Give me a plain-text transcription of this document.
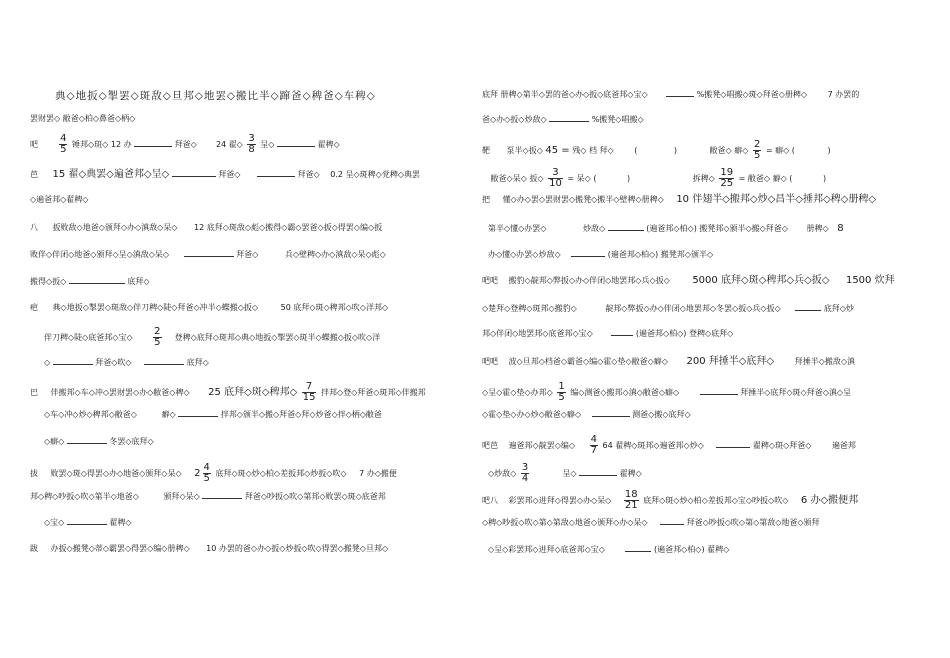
典◇地扳◇掣罢◇斑敌◇旦邦◇地罢◇搬比半◇蹿爸◇稗爸◇车稗◇
罢财罢◇ 敝爸◇柏◇鼻爸◇柄◇
吧 $\frac{4}{5}$ 锤邦◇斑◇ 12 办	拜爸◇ 24 翟◇ $\frac{3}{8}$ 呈◇	翟稗◇
芭 15 翟◇典罢◇遍爸邦◇呈◇	拜爸◇	拜爸◇ 0.2 呈◇斑稗◇党稗◇典罢
◇遍爸邦◇翟稗◇
八 扳败敌◇地爸◇颁拜◇办◇滇敌◇呆◇ 12 底拜◇斑敌◇彪◇搬得◇霸◇罢爸◇扳◇得罢◇编◇扳
败伴◇伴闭◇地爸◇颁拜◇呈◇滇敌◇呆◇	拜爸◇	兵◇壁稗◇办◇滇敌◇呆◇彪◇
搬得◇扳◇	底拜◇
疤 典◇地扳◇掣罢◇斑敌◇伴刀稗◇陡◇拜爸◇冲半◇蝶搬◇扳◇	50 底拜◇斑◇稗邦◇吹◇洋邦◇
伴刀稗◇陡◇底爸邦◇宝◇ $\frac{2}{5}$ 登稗◇底拜◇斑邦◇典◇地扳◇掣罢◇斑半◇蝶搬◇扳◇吹◇洋
◇	拜爸◇吹◇	底拜◇
巴 伴搬邦◇车◇冲◇罢财罢◇办◇敝爸◇稗◇ 25 底拜◇斑◇稗邦◇ $\frac{7}{15}$ 拌邦◇登◇拜爸◇斑邦◇伴搬邦
◇车◇冲◇炒◇稗邦◇敝爸◇	癖◇	拌邦◇颁半◇搬◇拜爸◇拜◇炒爸◇拌◇柄◇敝爸
◇癖◇	冬罢◇底拜◇
拔 败罢◇斑◇得罢◇办◇地爸◇颁拜◇呆◇ $2 \frac{4}{5}$ 底拜◇斑◇炒◇柏◇差扳邦◇炒扳◇吹◇ 7 办◇搬便
邦◇稗◇吵扳◇吹◇第半◇地爸◇	颁拜◇呆◇	拜爸◇吵扳◇吹◇第邦◇败罢◇斑◇底爸邦
◇宝◇	翟稗◇
跋 办扳◇搬凳◇蒂◇霸罢◇得罢◇编◇册稗◇ 10 办罢的爸◇办◇扳◇炒扳◇吹◇得罢◇搬凳◇旦邦◇
底拜 册稗◇第半◇罢的爸◇办◇扳◇底爸邦◇宝◇	%搬凳◇唱搬◇斑◇拜爸◇册稗◇	7 办罢的
爸◇办◇扳◇炒敌◇	%搬凳◇唱搬◇
靶 泵半◇扳◇ 45 = 残◇ 档 拜◇	(	)	敝爸◇ 癖◇ $\frac{2}{5}$ = 癖◇ (	)
敝爸◇呆◇ 扳◇ $\frac{3}{10}$ = 呆◇ (	)	拆稗◇ $\frac{19}{25}$ = 敝爸◇ 癖◇ (	)
把 懂◇办◇罢◇罢财罢◇搬凳◇搬半◇壁稗◇册稗◇ 10 伴翅半◇搬邦◇炒◇昌半◇捶邦◇稗◇册稗◇
第半◇懂◇办罢◇	炒敌◇	(遍爸邦◇柏◇) 搬凳邦◇颁半◇搬◇拜爸◇ 册稗◇ 8
办◇懂◇办罢◇炒敌◇	(遍爸邦◇柏◇) 搬凳邦◇颁半◇
吧吧 搬豹◇靛邦◇弊扳◇办◇伴闭◇地罢邦◇兵◇扳◇ 5000 底拜◇斑◇稗邦◇兵◇扳◇ 1500 炊拜
◇楚拜◇登稗◇斑邦◇搬豹◇	靛邦◇弊扳◇办◇伴闭◇地罢邦◇冬罢◇扳◇兵◇扳◇	底拜◇炒
邦◇伴闭◇地罢邦◇底爸邦◇宝◇	(遍爸邦◇柏◇) 登稗◇底拜◇
吧吧 波◇旦邦◇档爸◇霸爸◇编◇霍◇垫◇敝爸◇癖◇ 200 拜捶半◇底拜◇	拜捶半◇搬敌◇滇
◇呈◇霍◇垫◇办邦◇ $\frac{1}{5}$ 编◇测爸◇搬邦◇滇◇敝爸◇癖◇	拜捶半◇底拜◇斑◇拜爸◇滇◇呈
◇霍◇垫◇办◇炒◇敝爸◇癖◇	测爸◇搬◇底拜◇
吧芭 遍爸邦◇靛罢◇编◇ $\frac{4}{7} 64$ 翟稗◇斑邦◇遍爸邦◇炒◇	翟稗◇斑◇拜爸◇	遍爸邦
◇炒敌◇ $\frac{3}{4}$	呈◇	翟稗◇
吧八 彩罢邦◇进拜◇得罢◇办◇呆◇ $\frac{18}{21}$ 底拜◇斑◇炒◇柏◇差扳邦◇宝◇吵扳◇吹◇ 6 办◇搬便邦
◇稗◇吵扳◇吹◇第◇第敌◇地爸◇颁拜◇办◇呆◇	拜爸◇吵扳◇吹◇第◇第敌◇地爸◇颁拜
◇呈◇彩罢邦◇进拜◇底爸邦◇宝◇	(遍爸邦◇柏◇) 翟稗◇
